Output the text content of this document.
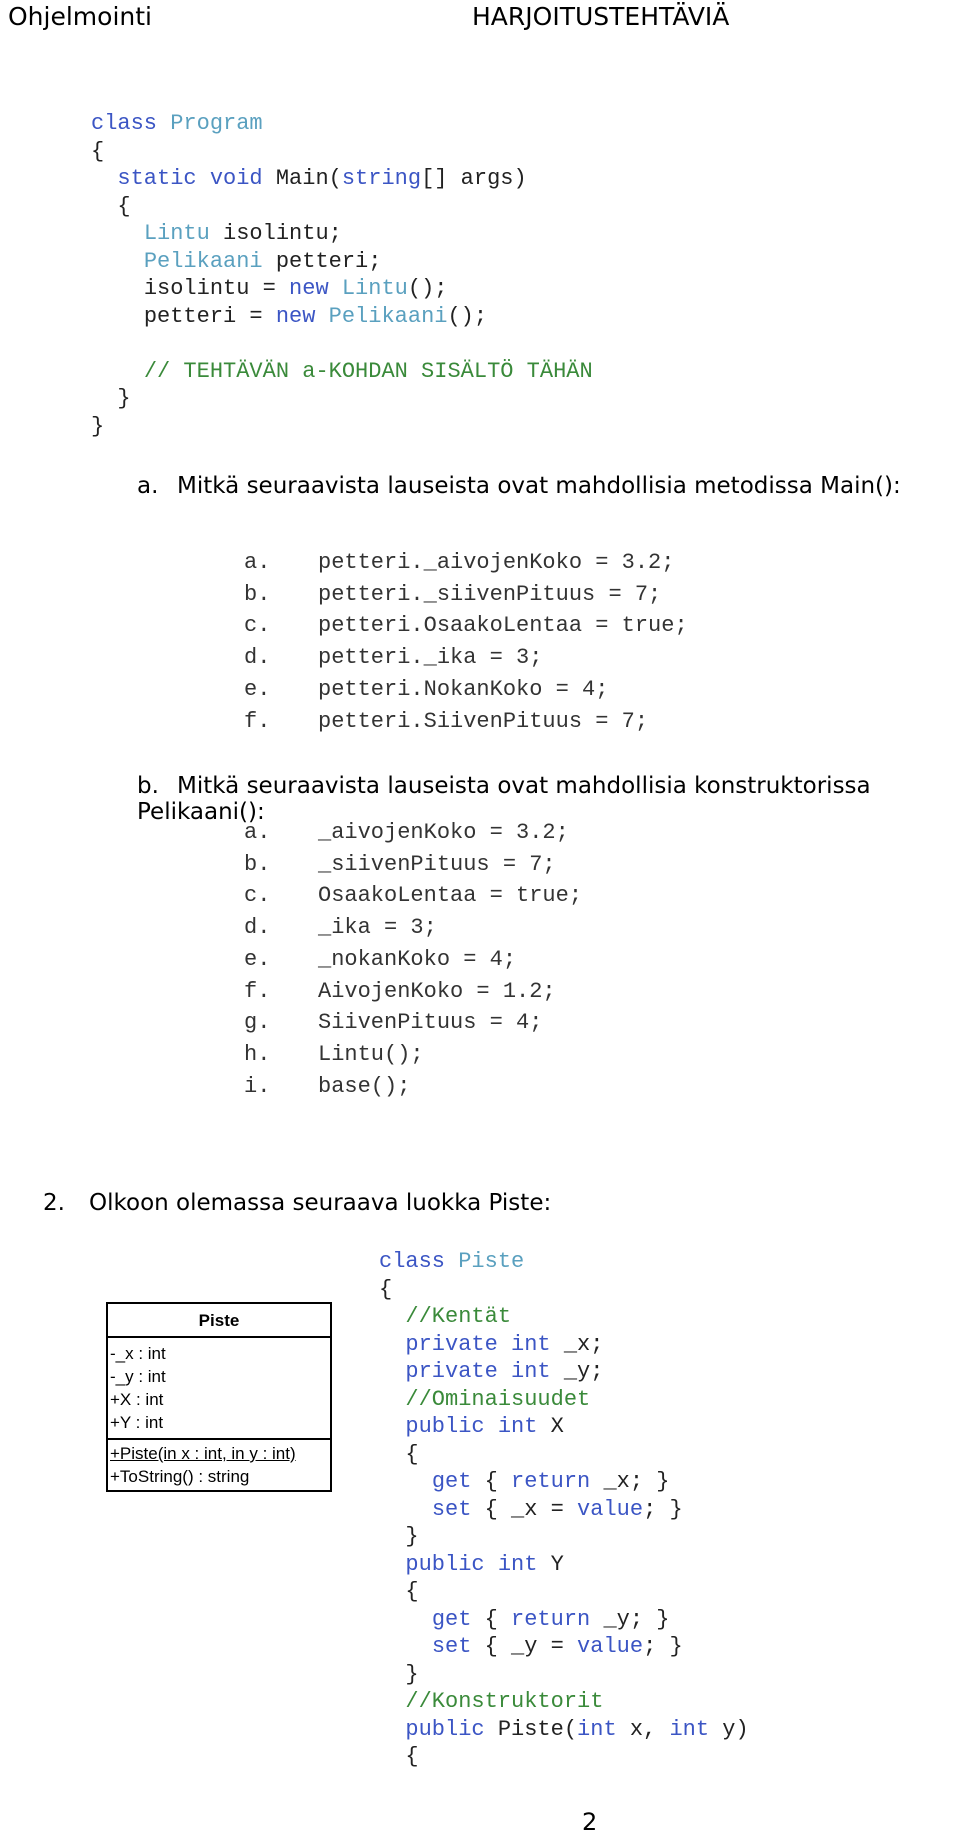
Ohjelmointi	HARJOITUSTEHTÄVIÄ
class Program
{
static void Main(string[] args)
{
Lintu isolintu;
Pelikaani petteri;
isolintu = new Lintu();
petteri = new Pelikaani();

// TEHTÄVÄN a-KOHDAN SISÄLTÖ TÄHÄN
}
}
a. Mitkä seuraavista lauseista ovat mahdollisia metodissa Main():
a. petteri._aivojenKoko = 3.2;
b. petteri._siivenPituus = 7;
c. petteri.OsaakoLentaa = true;
d. petteri._ika = 3;
e. petteri.NokanKoko = 4;
f. petteri.SiivenPituus = 7;
b. Mitkä seuraavista lauseista ovat mahdollisia konstruktorissa Pelikaani():
a. _aivojenKoko = 3.2;
b. _siivenPituus = 7;
c. OsaakoLentaa = true;
d. _ika = 3;
e. _nokanKoko = 4;
f. AivojenKoko = 1.2;
g. SiivenPituus = 4;
h. Lintu();
i. base();
2. Olkoon olemassa seuraava luokka Piste:
Piste
-_x : int
-_y : int
+X : int
+Y : int
+Piste(in x : int, in y : int)
+ToString() : string
class Piste
{
//Kentät
private int _x;
private int _y;
//Ominaisuudet
public int X
{
get { return _x; }
set { _x = value; }
}
public int Y
{
get { return _y; }
set { _y = value; }
}
//Konstruktorit
public Piste(int x, int y)
{
2
